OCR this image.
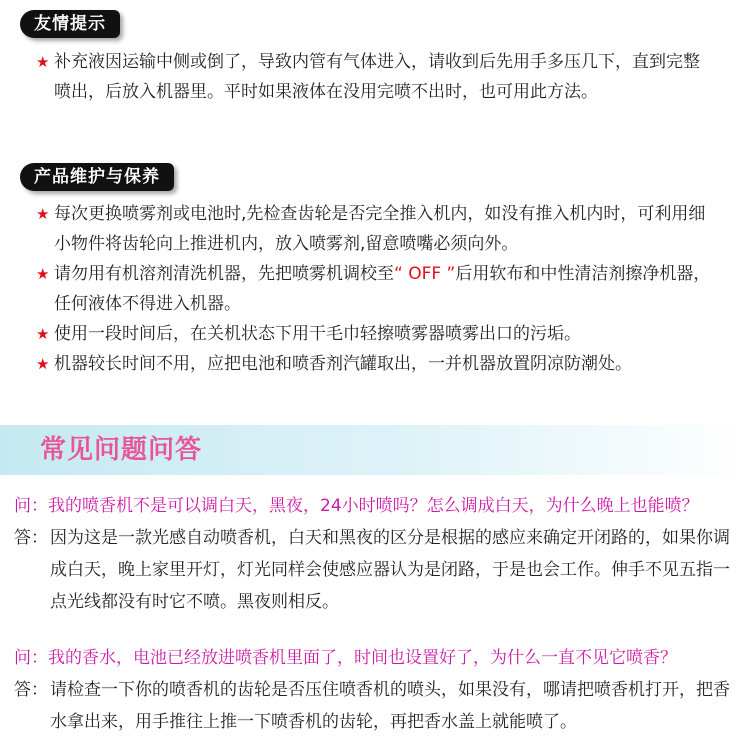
友情提示
★ 补充液因运输中侧或倒了，导致内管有气体进入，请收到后先用手多压几下，直到完整喷出，后放入机器里。平时如果液体在没用完喷不出时，也可用此方法。
产品维护与保养
★ 每次更换喷雾剂或电池时,先检查齿轮是否完全推入机内，如没有推入机内时，可利用细小物件将齿轮向上推进机内，放入喷雾剂,留意喷嘴必须向外。
★ 请勿用有机溶剂清洗机器，先把喷雾机调校至“ OFF ”后用软布和中性清洁剂擦净机器，任何液体不得进入机器。
★ 使用一段时间后，在关机状态下用干毛巾轻擦喷雾器喷雾出口的污垢。
★ 机器较长时间不用，应把电池和喷香剂汽罐取出，一并机器放置阴凉防潮处。
常见问题问答
问：我的喷香机不是可以调白天，黑夜，24小时喷吗？怎么调成白天，为什么晚上也能喷？
答： 因为这是一款光感自动喷香机，白天和黑夜的区分是根据的感应来确定开闭路的，如果你调成白天，晚上家里开灯，灯光同样会使感应器认为是闭路，于是也会工作。伸手不见五指一点光线都没有时它不喷。黑夜则相反。
问：我的香水，电池已经放进喷香机里面了，时间也设置好了，为什么一直不见它喷香？
答： 请检查一下你的喷香机的齿轮是否压住喷香机的喷头，如果没有，哪请把喷香机打开，把香水拿出来，用手推往上推一下喷香机的齿轮，再把香水盖上就能喷了。
